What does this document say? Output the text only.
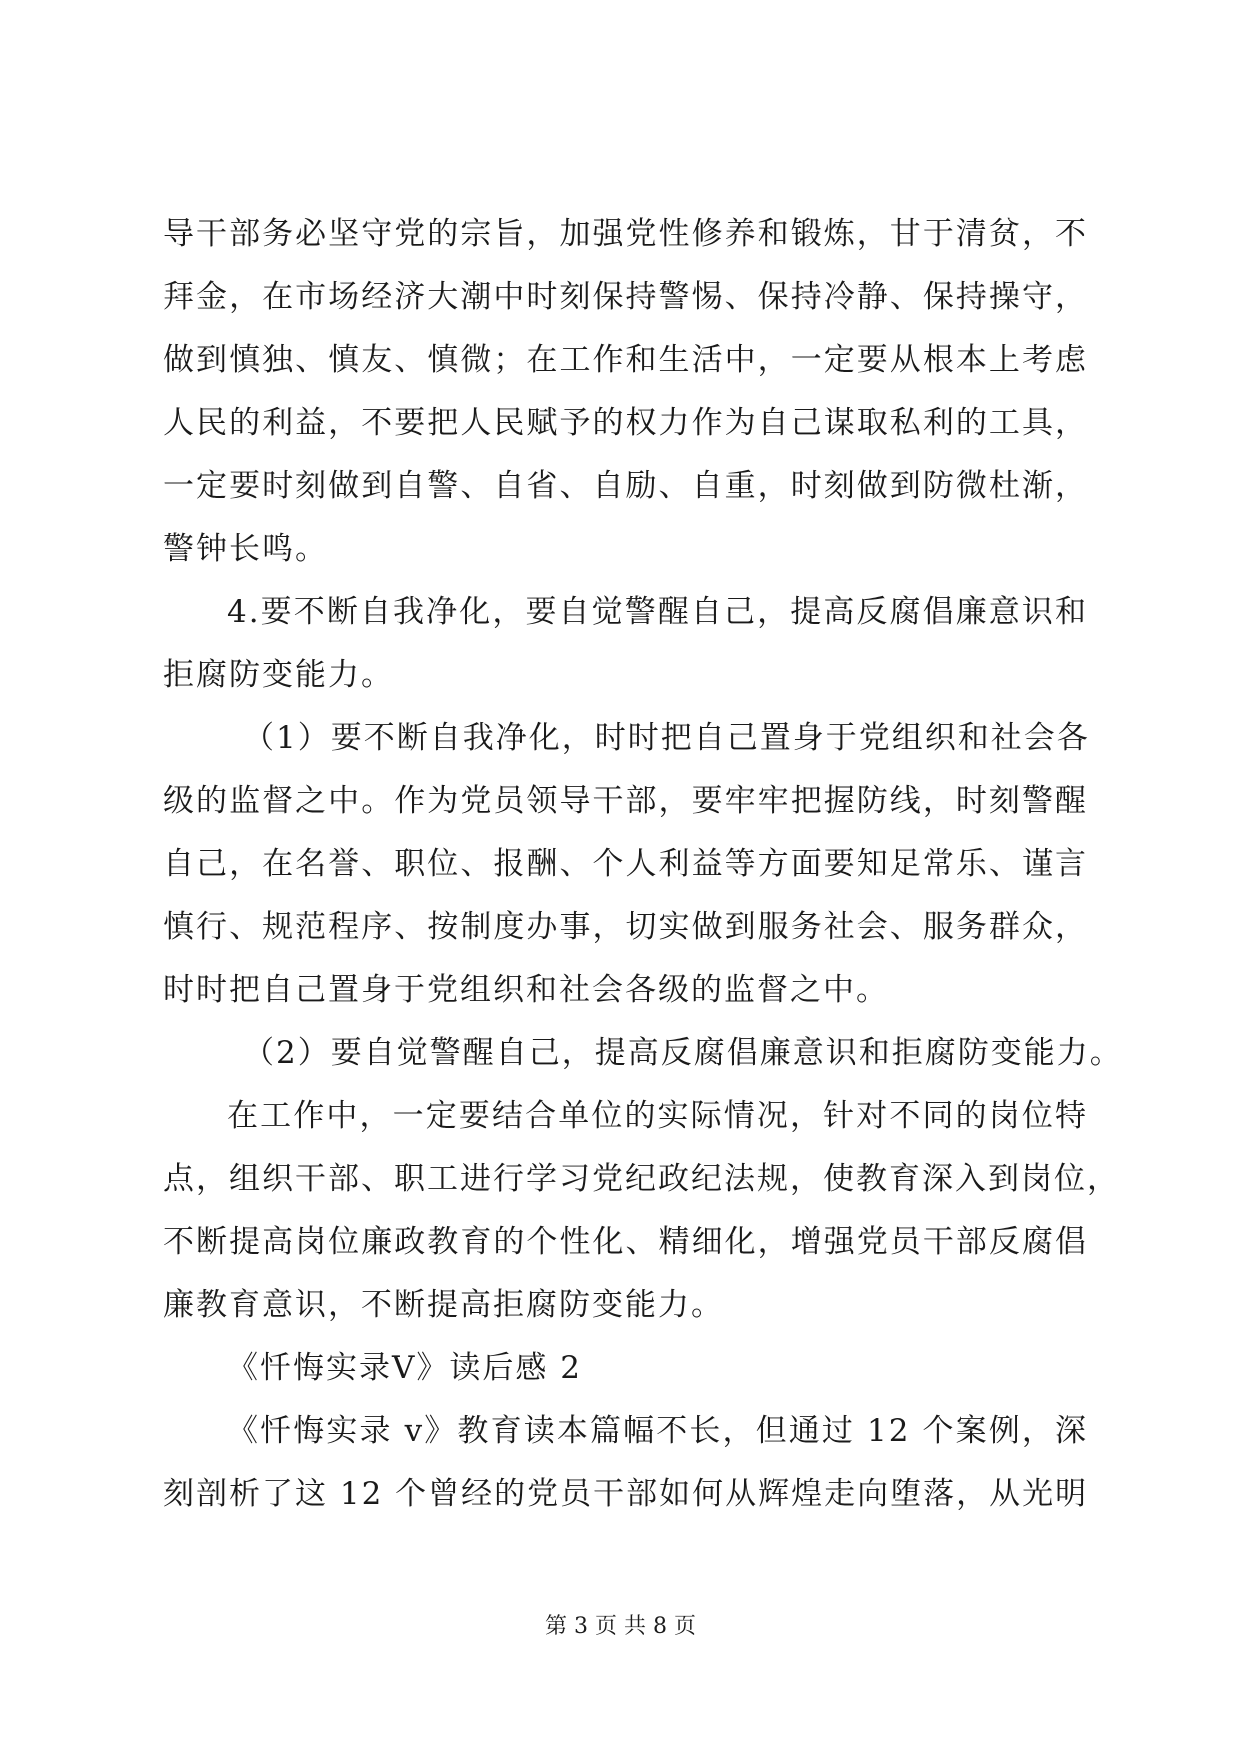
导干部务必坚守党的宗旨，加强党性修养和锻炼，甘于清贫，不
拜金，在市场经济大潮中时刻保持警惕、保持冷静、保持操守，
做到慎独、慎友、慎微；在工作和生活中，一定要从根本上考虑
人民的利益，不要把人民赋予的权力作为自己谋取私利的工具，
一定要时刻做到自警、自省、自励、自重，时刻做到防微杜渐，
警钟长鸣。
4.要不断自我净化，要自觉警醒自己，提高反腐倡廉意识和
拒腐防变能力。
（1）要不断自我净化，时时把自己置身于党组织和社会各
级的监督之中。作为党员领导干部，要牢牢把握防线，时刻警醒
自己，在名誉、职位、报酬、个人利益等方面要知足常乐、谨言
慎行、规范程序、按制度办事，切实做到服务社会、服务群众，
时时把自己置身于党组织和社会各级的监督之中。
（2）要自觉警醒自己，提高反腐倡廉意识和拒腐防变能力。
在工作中，一定要结合单位的实际情况，针对不同的岗位特
点，组织干部、职工进行学习党纪政纪法规，使教育深入到岗位，
不断提高岗位廉政教育的个性化、精细化，增强党员干部反腐倡
廉教育意识，不断提高拒腐防变能力。
《忏悔实录Ⅴ》读后感 2
《忏悔实录 v》教育读本篇幅不长，但通过 12 个案例，深
刻剖析了这 12 个曾经的党员干部如何从辉煌走向堕落，从光明
第 3 页 共 8 页
